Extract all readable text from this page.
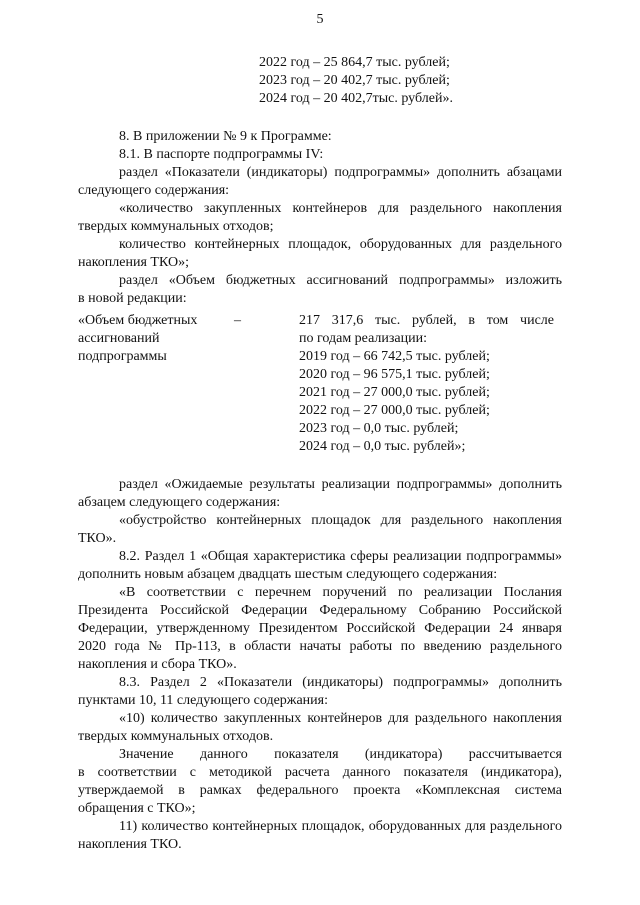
5
2022 год – 25 864,7 тыс. рублей;
2023 год – 20 402,7 тыс. рублей;
2024 год – 20 402,7тыс. рублей».
8. В приложении № 9 к Программе:
8.1. В паспорте подпрограммы IV:
раздел «Показатели (индикаторы) подпрограммы» дополнить абзацами
следующего содержания:
«количество закупленных контейнеров для раздельного накопления
твердых коммунальных отходов;
количество контейнерных площадок, оборудованных для раздельного
накопления ТКО»;
раздел «Объем бюджетных ассигнований подпрограммы» изложить
в новой редакции:
«Объем бюджетных
ассигнований
подпрограммы
–	217 317,6 тыс. рублей, в том числе
по годам реализации:
2019 год – 66 742,5 тыс. рублей;
2020 год – 96 575,1 тыс. рублей;
2021 год – 27 000,0 тыс. рублей;
2022 год – 27 000,0 тыс. рублей;
2023 год – 0,0 тыс. рублей;
2024 год – 0,0 тыс. рублей»;
раздел «Ожидаемые результаты реализации подпрограммы» дополнить
абзацем следующего содержания:
«обустройство контейнерных площадок для раздельного накопления
ТКО».
8.2. Раздел 1 «Общая характеристика сферы реализации подпрограммы»
дополнить новым абзацем двадцать шестым следующего содержания:
«В соответствии с перечнем поручений по реализации Послания
Президента Российской Федерации Федеральному Собранию Российской
Федерации, утвержденному Президентом Российской Федерации 24 января
2020 года № Пр-113, в области начаты работы по введению раздельного
накопления и сбора ТКО».
8.3. Раздел 2 «Показатели (индикаторы) подпрограммы» дополнить
пунктами 10, 11 следующего содержания:
«10) количество закупленных контейнеров для раздельного накопления
твердых коммунальных отходов.
Значение данного показателя (индикатора) рассчитывается
в соответствии с методикой расчета данного показателя (индикатора),
утверждаемой в рамках федерального проекта «Комплексная система
обращения с ТКО»;
11) количество контейнерных площадок, оборудованных для раздельного
накопления ТКО.
